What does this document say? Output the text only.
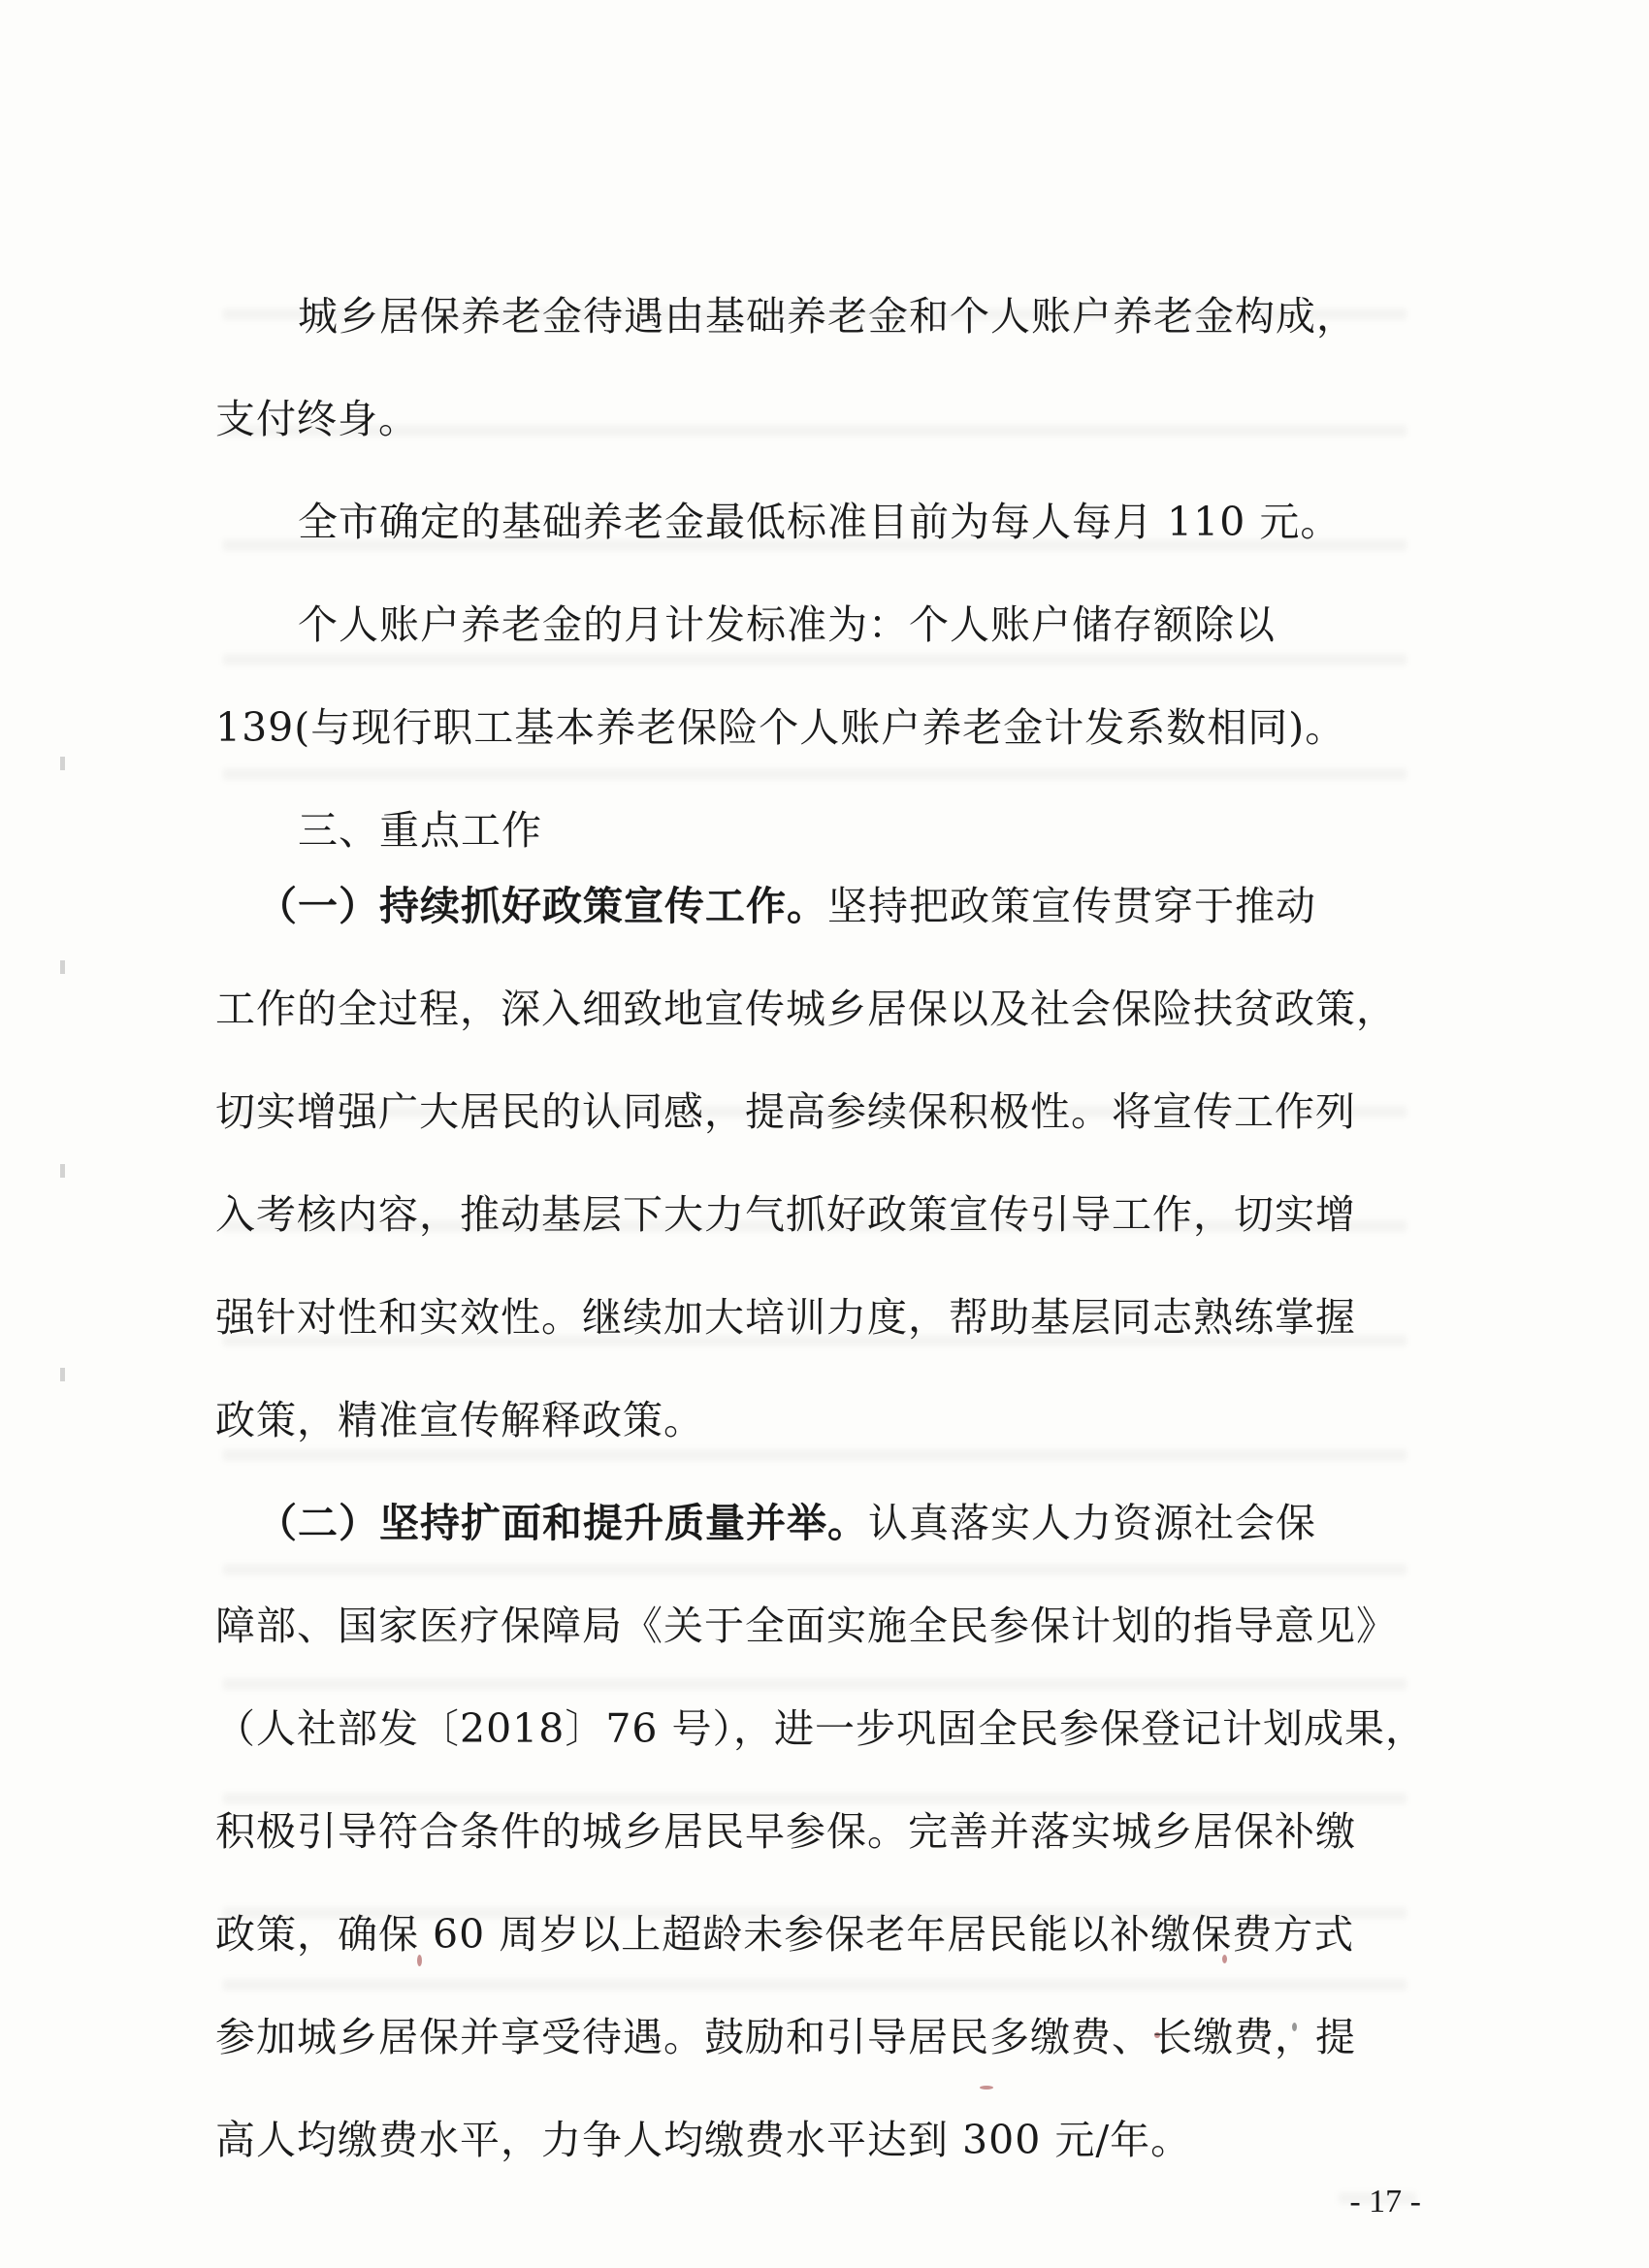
城乡居保养老金待遇由基础养老金和个人账户养老金构成，

支付终身。

全市确定的基础养老金最低标准目前为每人每月 110 元。

个人账户养老金的月计发标准为：个人账户储存额除以

139(与现行职工基本养老保险个人账户养老金计发系数相同)。

三、重点工作

（一）持续抓好政策宣传工作。坚持把政策宣传贯穿于推动

工作的全过程，深入细致地宣传城乡居保以及社会保险扶贫政策，

切实增强广大居民的认同感，提高参续保积极性。将宣传工作列

入考核内容，推动基层下大力气抓好政策宣传引导工作，切实增

强针对性和实效性。继续加大培训力度，帮助基层同志熟练掌握

政策，精准宣传解释政策。

（二）坚持扩面和提升质量并举。认真落实人力资源社会保

障部、国家医疗保障局《关于全面实施全民参保计划的指导意见》

（人社部发〔2018〕76 号），进一步巩固全民参保登记计划成果，

积极引导符合条件的城乡居民早参保。完善并落实城乡居保补缴

政策，确保 60 周岁以上超龄未参保老年居民能以补缴保费方式

参加城乡居保并享受待遇。鼓励和引导居民多缴费、长缴费，提

高人均缴费水平，力争人均缴费水平达到 300 元/年。

- 17 -
